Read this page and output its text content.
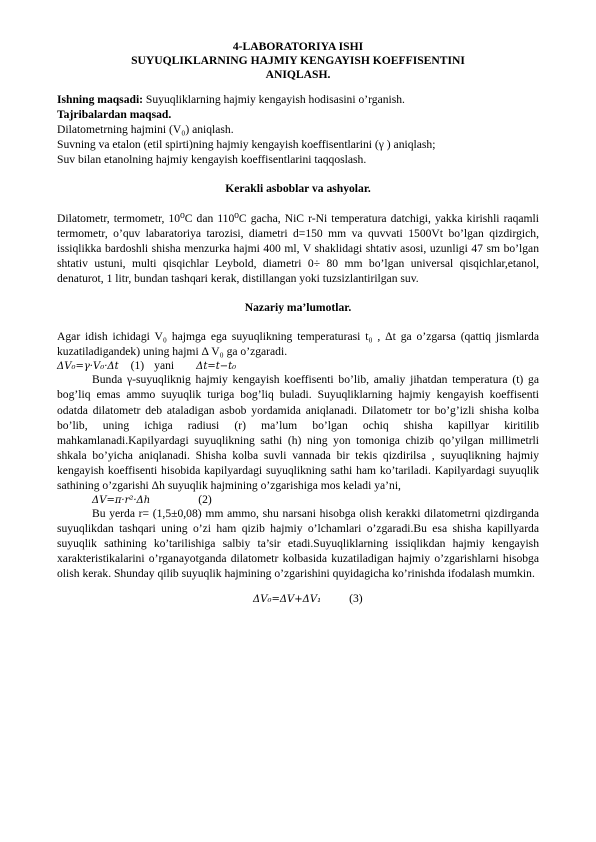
4-LABORATORIYA ISHI
SUYUQLIKLARNING HAJMIY KENGAYISH KOEFFISENTINI
ANIQLASH.

Ishning maqsadi: Suyuqliklarning hajmiy kengayish hodisasini o’rganish.

Tajribalardan maqsad.

Dilatometrning hajmini (V₀) aniqlash.

Suvning va etalon (etil spirti)ning hajmiy kengayish koeffisentlarini (γ ) aniqlash;

Suv bilan etanolning hajmiy kengayish koeffisentlarini taqqoslash.

Kerakli asboblar va ashyolar.

Dilatometr, termometr, 10⁰C dan 110⁰C gacha, NiC r-Ni temperatura datchigi, yakka kirishli raqamli termometr, o’quv labaratoriya tarozisi, diametri d=150 mm va quvvati 1500Vt bo’lgan qizdirgich, issiqlikka bardoshli shisha menzurka hajmi 400 ml, V shaklidagi shtativ asosi, uzunligi 47 sm bo’lgan shtativ ustuni, multi qisqichlar Leybold, diametri 0÷ 80 mm bo’lgan universal qisqichlar,etanol, denaturot, 1 litr, bundan tashqari kerak, distillangan yoki tuzsizlantirilgan suv.

Nazariy ma’lumotlar.

Agar idish ichidagi V₀ hajmga ega suyuqlikning temperaturasi t₀ , Δt ga o’zgarsa (qattiq jismlarda kuzatiladigandek) uning hajmi Δ V₀ ga o’zgaradi.

ΔV₀=γ·V₀·Δt (1) yani Δt=t−t₀

Bunda γ-suyuqliknig hajmiy kengayish koeffisenti bo’lib, amaliy jihatdan temperatura (t) ga bog’liq emas ammo suyuqlik turiga bog’liq buladi. Suyuqliklarning hajmiy kengayish koeffisenti odatda dilatometr deb ataladigan asbob yordamida aniqlanadi. Dilatometr tor bo’g’izli shisha kolba bo’lib, uning ichiga radiusi (r) ma’lum bo’lgan ochiq shisha kapillyar kiritilib mahkamlanadi.Kapilyardagi suyuqlikning sathi (h) ning yon tomoniga chizib qo’yilgan millimetrli shkala bo’yicha aniqlanadi. Shisha kolba suvli vannada bir tekis qizdirilsa , suyuqlikning hajmiy kengayish koeffisenti hisobida kapilyardagi suyuqlikning sathi ham ko’tariladi. Kapilyardagi suyuqlik sathining o’zgarishi Δh suyuqlik hajmining o’zgarishiga mos keladi ya’ni,

ΔV=π·r²·Δh	(2)

Bu yerda r= (1,5±0,08) mm ammo, shu narsani hisobga olish kerakki dilatometrni qizdirganda suyuqlikdan tashqari uning o’zi ham qizib hajmiy o’lchamlari o’zgaradi.Bu esa shisha kapillyarda suyuqlik sathining ko’tarilishiga salbiy ta’sir etadi.Suyuqliklarning issiqlikdan hajmiy kengayish xarakteristikalarini o’rganayotganda dilatometr kolbasida kuzatiladigan hajmiy o’zgarishlarni hisobga olish kerak. Shunday qilib suyuqlik hajmining o’zgarishini quyidagicha ko’rinishda ifodalash mumkin.

ΔV₀=ΔV+ΔV₁ (3)
